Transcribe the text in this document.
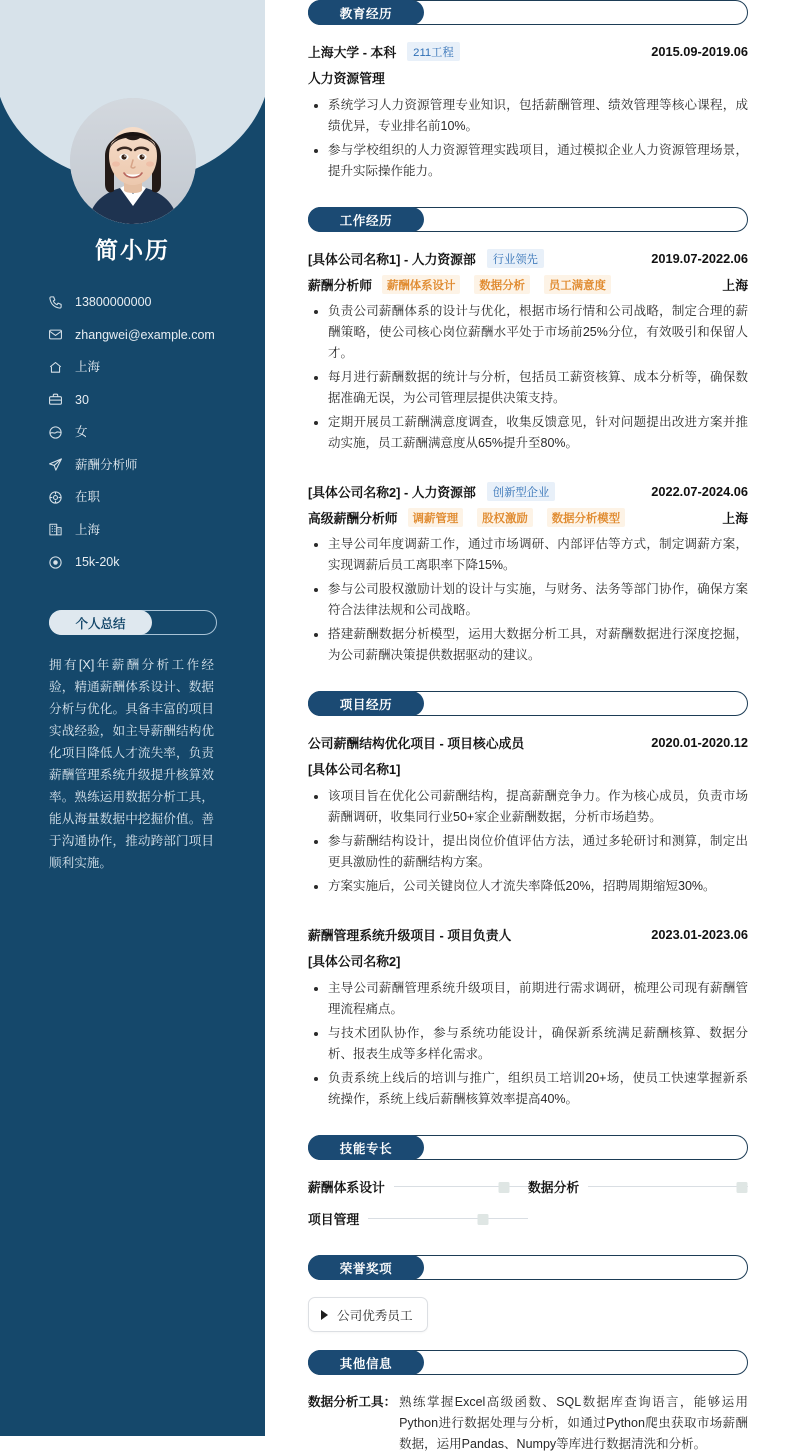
简小历
13800000000
zhangwei@example.com
上海
30
女
薪酬分析师
在职
上海
15k-20k
个人总结
拥有[X]年薪酬分析工作经验，精通薪酬体系设计、数据分析与优化。具备丰富的项目实战经验，如主导薪酬结构优化项目降低人才流失率，负责薪酬管理系统升级提升核算效率。熟练运用数据分析工具，能从海量数据中挖掘价值。善于沟通协作，推动跨部门项目顺利实施。
教育经历
上海大学 - 本科	211工程	2015.09-2019.06
人力资源管理
系统学习人力资源管理专业知识，包括薪酬管理、绩效管理等核心课程，成绩优异，专业排名前10%。
参与学校组织的人力资源管理实践项目，通过模拟企业人力资源管理场景，提升实际操作能力。
工作经历
[具体公司名称1] - 人力资源部	行业领先	2019.07-2022.06
薪酬分析师	薪酬体系设计	数据分析	员工满意度	上海
负责公司薪酬体系的设计与优化，根据市场行情和公司战略，制定合理的薪酬策略，使公司核心岗位薪酬水平处于市场前25%分位，有效吸引和保留人才。
每月进行薪酬数据的统计与分析，包括员工薪资核算、成本分析等，确保数据准确无误，为公司管理层提供决策支持。
定期开展员工薪酬满意度调查，收集反馈意见，针对问题提出改进方案并推动实施，员工薪酬满意度从65%提升至80%。
[具体公司名称2] - 人力资源部	创新型企业	2022.07-2024.06
高级薪酬分析师	调薪管理	股权激励	数据分析模型	上海
主导公司年度调薪工作，通过市场调研、内部评估等方式，制定调薪方案，实现调薪后员工离职率下降15%。
参与公司股权激励计划的设计与实施，与财务、法务等部门协作，确保方案符合法律法规和公司战略。
搭建薪酬数据分析模型，运用大数据分析工具，对薪酬数据进行深度挖掘，为公司薪酬决策提供数据驱动的建议。
项目经历
公司薪酬结构优化项目 - 项目核心成员	2020.01-2020.12
[具体公司名称1]
该项目旨在优化公司薪酬结构，提高薪酬竞争力。作为核心成员，负责市场薪酬调研，收集同行业50+家企业薪酬数据，分析市场趋势。
参与薪酬结构设计，提出岗位价值评估方法，通过多轮研讨和测算，制定出更具激励性的薪酬结构方案。
方案实施后，公司关键岗位人才流失率降低20%，招聘周期缩短30%。
薪酬管理系统升级项目 - 项目负责人	2023.01-2023.06
[具体公司名称2]
主导公司薪酬管理系统升级项目，前期进行需求调研，梳理公司现有薪酬管理流程痛点。
与技术团队协作，参与系统功能设计，确保新系统满足薪酬核算、数据分析、报表生成等多样化需求。
负责系统上线后的培训与推广，组织员工培训20+场，使员工快速掌握新系统操作，系统上线后薪酬核算效率提高40%。
技能专长
薪酬体系设计	数据分析
项目管理
荣誉奖项
公司优秀员工
其他信息
数据分析工具： 熟练掌握Excel高级函数、SQL数据库查询语言，能够运用Python进行数据处理与分析，如通过Python爬虫获取市场薪酬数据，运用Pandas、Numpy等库进行数据清洗和分析。
